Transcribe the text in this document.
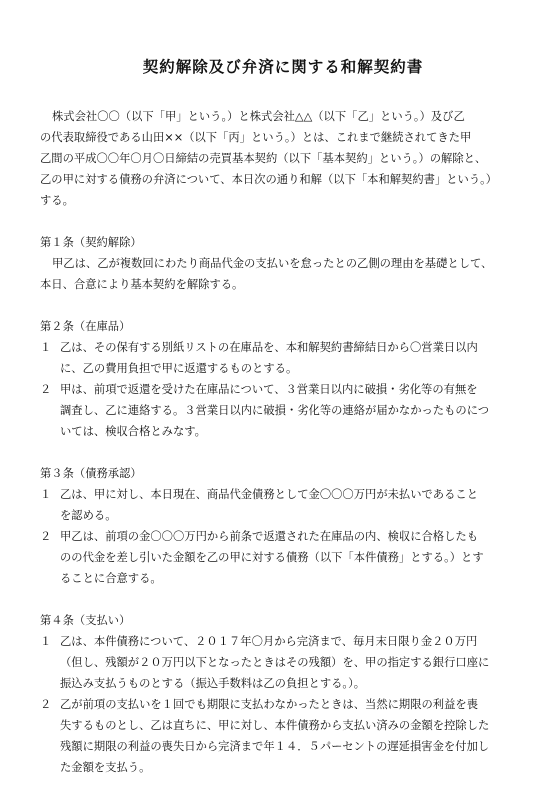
契約解除及び弁済に関する和解契約書
株式会社〇〇（以下「甲」という。）と株式会社△△（以下「乙」という。）及び乙
の代表取締役である山田××（以下「丙」という。）とは、これまで継続されてきた甲
乙間の平成〇〇年〇月〇日締結の売買基本契約（以下「基本契約」という。）の解除と、
乙の甲に対する債務の弁済について、本日次の通り和解（以下「本和解契約書」という。）
する。
第１条（契約解除）
甲乙は、乙が複数回にわたり商品代金の支払いを怠ったとの乙側の理由を基礎として、
本日、合意により基本契約を解除する。
第２条（在庫品）
１ 乙は、その保有する別紙リストの在庫品を、本和解契約書締結日から〇営業日以内
に、乙の費用負担で甲に返還するものとする。
２ 甲は、前項で返還を受けた在庫品について、３営業日以内に破損・劣化等の有無を
調査し、乙に連絡する。３営業日以内に破損・劣化等の連絡が届かなかったものにつ
いては、検収合格とみなす。
第３条（債務承認）
１ 乙は、甲に対し、本日現在、商品代金債務として金〇〇〇万円が未払いであること
を認める。
２ 甲乙は、前項の金〇〇〇万円から前条で返還された在庫品の内、検収に合格したも
のの代金を差し引いた金額を乙の甲に対する債務（以下「本件債務」とする。）とす
ることに合意する。
第４条（支払い）
１ 乙は、本件債務について、２０１７年〇月から完済まで、毎月末日限り金２０万円
（但し、残額が２０万円以下となったときはその残額）を、甲の指定する銀行口座に
振込み支払うものとする（振込手数料は乙の負担とする。）。
２ 乙が前項の支払いを１回でも期限に支払わなかったときは、当然に期限の利益を喪
失するものとし、乙は直ちに、甲に対し、本件債務から支払い済みの金額を控除した
残額に期限の利益の喪失日から完済まで年１４．５パーセントの遅延損害金を付加し
た金額を支払う。
